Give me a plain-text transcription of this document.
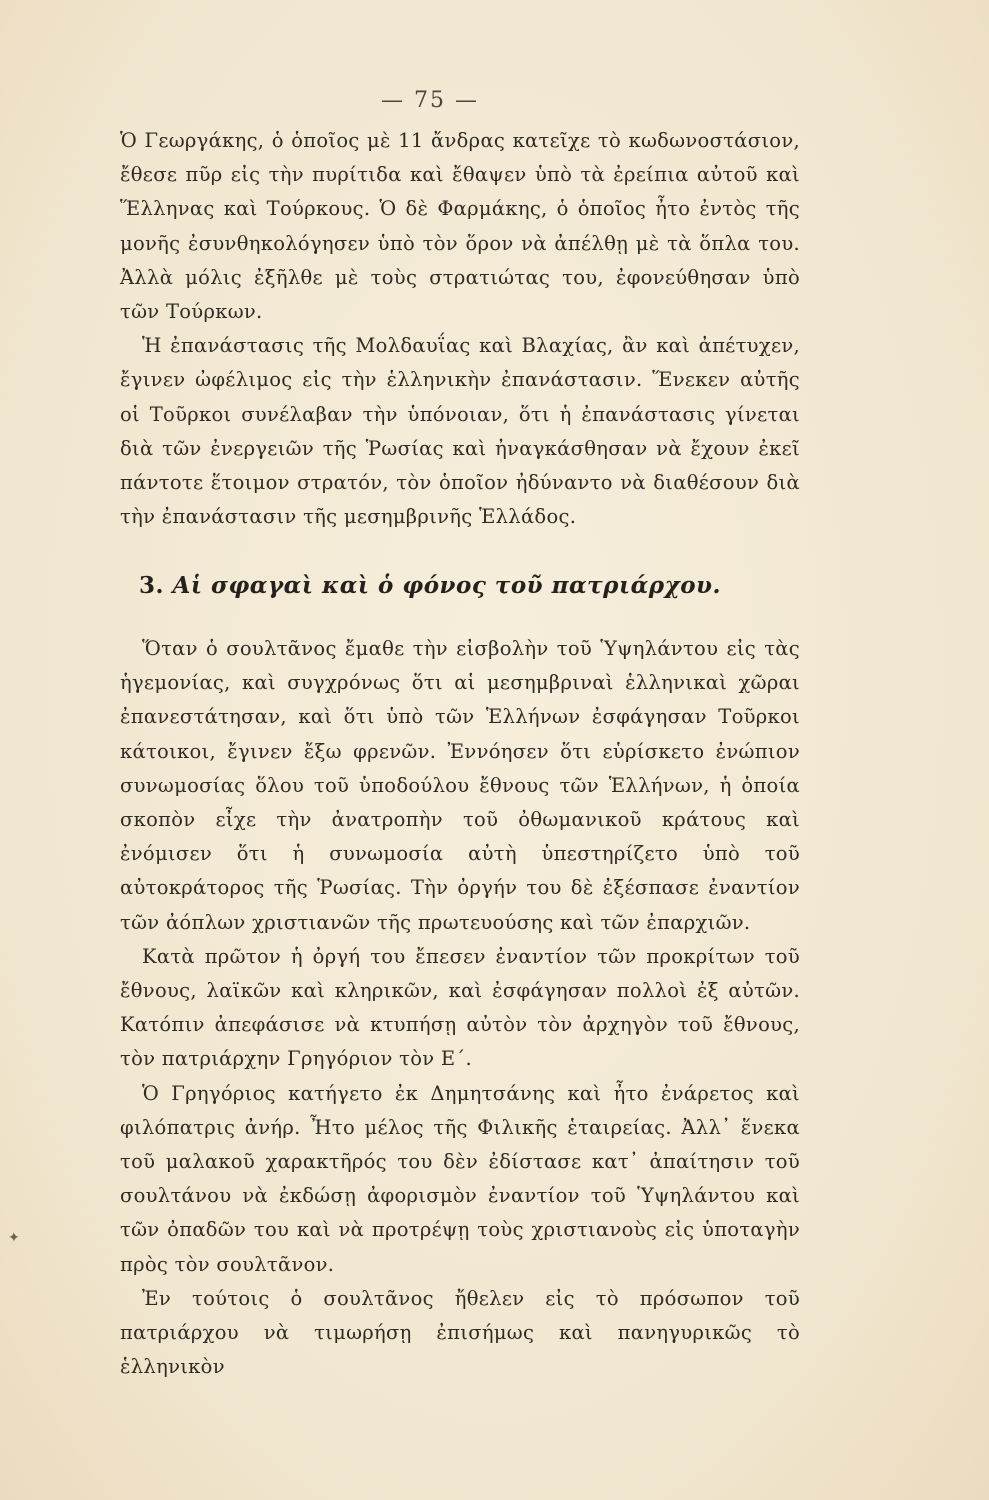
— 75 —

Ὁ Γεωργάκης, ὁ ὁποῖος μὲ 11 ἄνδρας κατεῖχε τὸ κωδωνοστάσιον, ἔθεσε πῦρ εἰς τὴν πυρίτιδα καὶ ἔθαψεν ὑπὸ τὰ ἐρείπια αὐτοῦ καὶ Ἕλληνας καὶ Τούρκους. Ὁ δὲ Φαρμάκης, ὁ ὁποῖος ἦτο ἐντὸς τῆς μονῆς ἐσυνθηκολόγησεν ὑπὸ τὸν ὅρον νὰ ἀπέλθῃ μὲ τὰ ὅπλα του. Ἀλλὰ μόλις ἐξῆλθε μὲ τοὺς στρατιώτας του, ἐφονεύθησαν ὑπὸ τῶν Τούρκων.

Ἡ ἐπανάστασις τῆς Μολδαυΐας καὶ Βλαχίας, ἂν καὶ ἀπέτυχεν, ἔγινεν ὠφέλιμος εἰς τὴν ἑλληνικὴν ἐπανάστασιν. Ἕνεκεν αὐτῆς οἱ Τοῦρκοι συνέλαβαν τὴν ὑπόνοιαν, ὅτι ἡ ἐπανάστασις γίνεται διὰ τῶν ἐνεργειῶν τῆς Ῥωσίας καὶ ἠναγκάσθησαν νὰ ἔχουν ἐκεῖ πάντοτε ἕτοιμον στρατόν, τὸν ὁποῖον ἠδύναντο νὰ διαθέσουν διὰ τὴν ἐπανάστασιν τῆς μεσημβρινῆς Ἑλλάδος.

3. Αἱ σφαγαὶ καὶ ὁ φόνος τοῦ πατριάρχου.

Ὅταν ὁ σουλτᾶνος ἔμαθε τὴν εἰσβολὴν τοῦ Ὑψηλάντου εἰς τὰς ἡγεμονίας, καὶ συγχρόνως ὅτι αἱ μεσημβριναὶ ἑλληνικαὶ χῶραι ἐπανεστάτησαν, καὶ ὅτι ὑπὸ τῶν Ἑλλήνων ἐσφάγησαν Τοῦρκοι κάτοικοι, ἔγινεν ἔξω φρενῶν. Ἐννόησεν ὅτι εὑρίσκετο ἐνώπιον συνωμοσίας ὅλου τοῦ ὑποδούλου ἔθνους τῶν Ἑλλήνων, ἡ ὁποία σκοπὸν εἶχε τὴν ἀνατροπὴν τοῦ ὀθωμανικοῦ κράτους καὶ ἐνόμισεν ὅτι ἡ συνωμοσία αὐτὴ ὑπεστηρίζετο ὑπὸ τοῦ αὐτοκράτορος τῆς Ῥωσίας. Τὴν ὀργήν του δὲ ἐξέσπασε ἐναντίον τῶν ἀόπλων χριστιανῶν τῆς πρωτευούσης καὶ τῶν ἐπαρχιῶν.

Κατὰ πρῶτον ἡ ὀργή του ἔπεσεν ἐναντίον τῶν προκρίτων τοῦ ἔθνους, λαϊκῶν καὶ κληρικῶν, καὶ ἐσφάγησαν πολλοὶ ἐξ αὐτῶν. Κατόπιν ἀπεφάσισε νὰ κτυπήσῃ αὐτὸν τὸν ἀρχηγὸν τοῦ ἔθνους, τὸν πατριάρχην Γρηγόριον τὸν Ε΄.

Ὁ Γρηγόριος κατήγετο ἐκ Δημητσάνης καὶ ἦτο ἐνάρετος καὶ φιλόπατρις ἀνήρ. Ἦτο μέλος τῆς Φιλικῆς ἑταιρείας. Ἀλλ᾽ ἕνεκα τοῦ μαλακοῦ χαρακτῆρός του δὲν ἐδίστασε κατ᾽ ἀπαίτησιν τοῦ σουλτάνου νὰ ἐκδώσῃ ἀφορισμὸν ἐναντίον τοῦ Ὑψηλάντου καὶ τῶν ὀπαδῶν του καὶ νὰ προτρέψῃ τοὺς χριστιανοὺς εἰς ὑποταγὴν πρὸς τὸν σουλτᾶνον.

Ἐν τούτοις ὁ σουλτᾶνος ἤθελεν εἰς τὸ πρόσωπον τοῦ πατριάρχου νὰ τιμωρήσῃ ἐπισήμως καὶ πανηγυρικῶς τὸ ἑλληνικὸν

✦
